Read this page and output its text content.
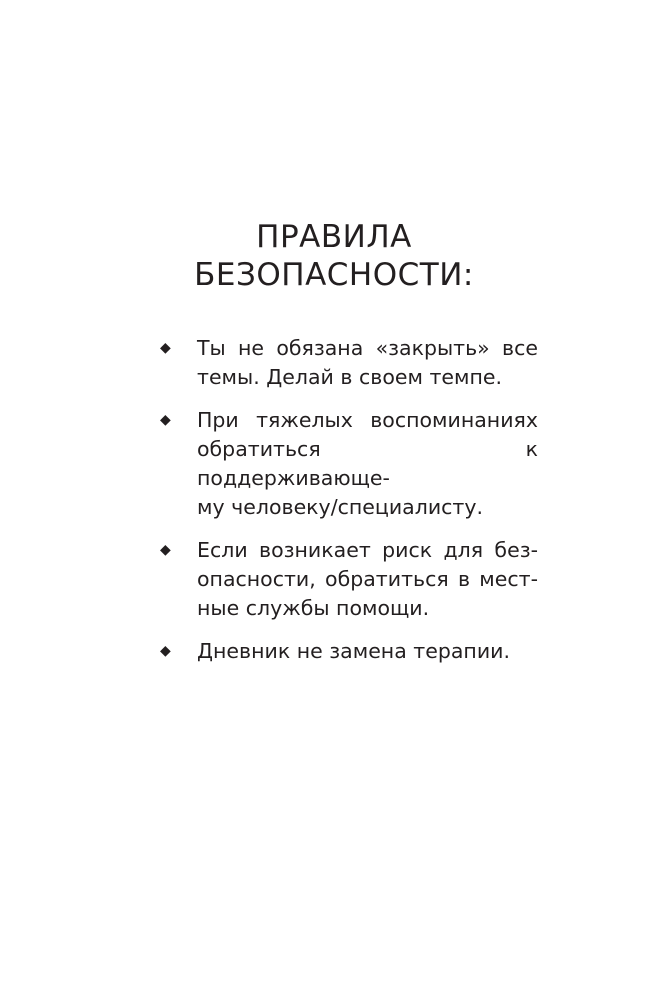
ПРАВИЛА
БЕЗОПАСНОСТИ:
◆	Ты не обязана «закрыть» все
темы. Делай в своем темпе.
◆	При тяжелых воспоминаниях
обратиться к поддерживающе-
му человеку/специалисту.
◆	Если возникает риск для без-
опасности, обратиться в мест-
ные службы помощи.
◆	Дневник не замена терапии.
